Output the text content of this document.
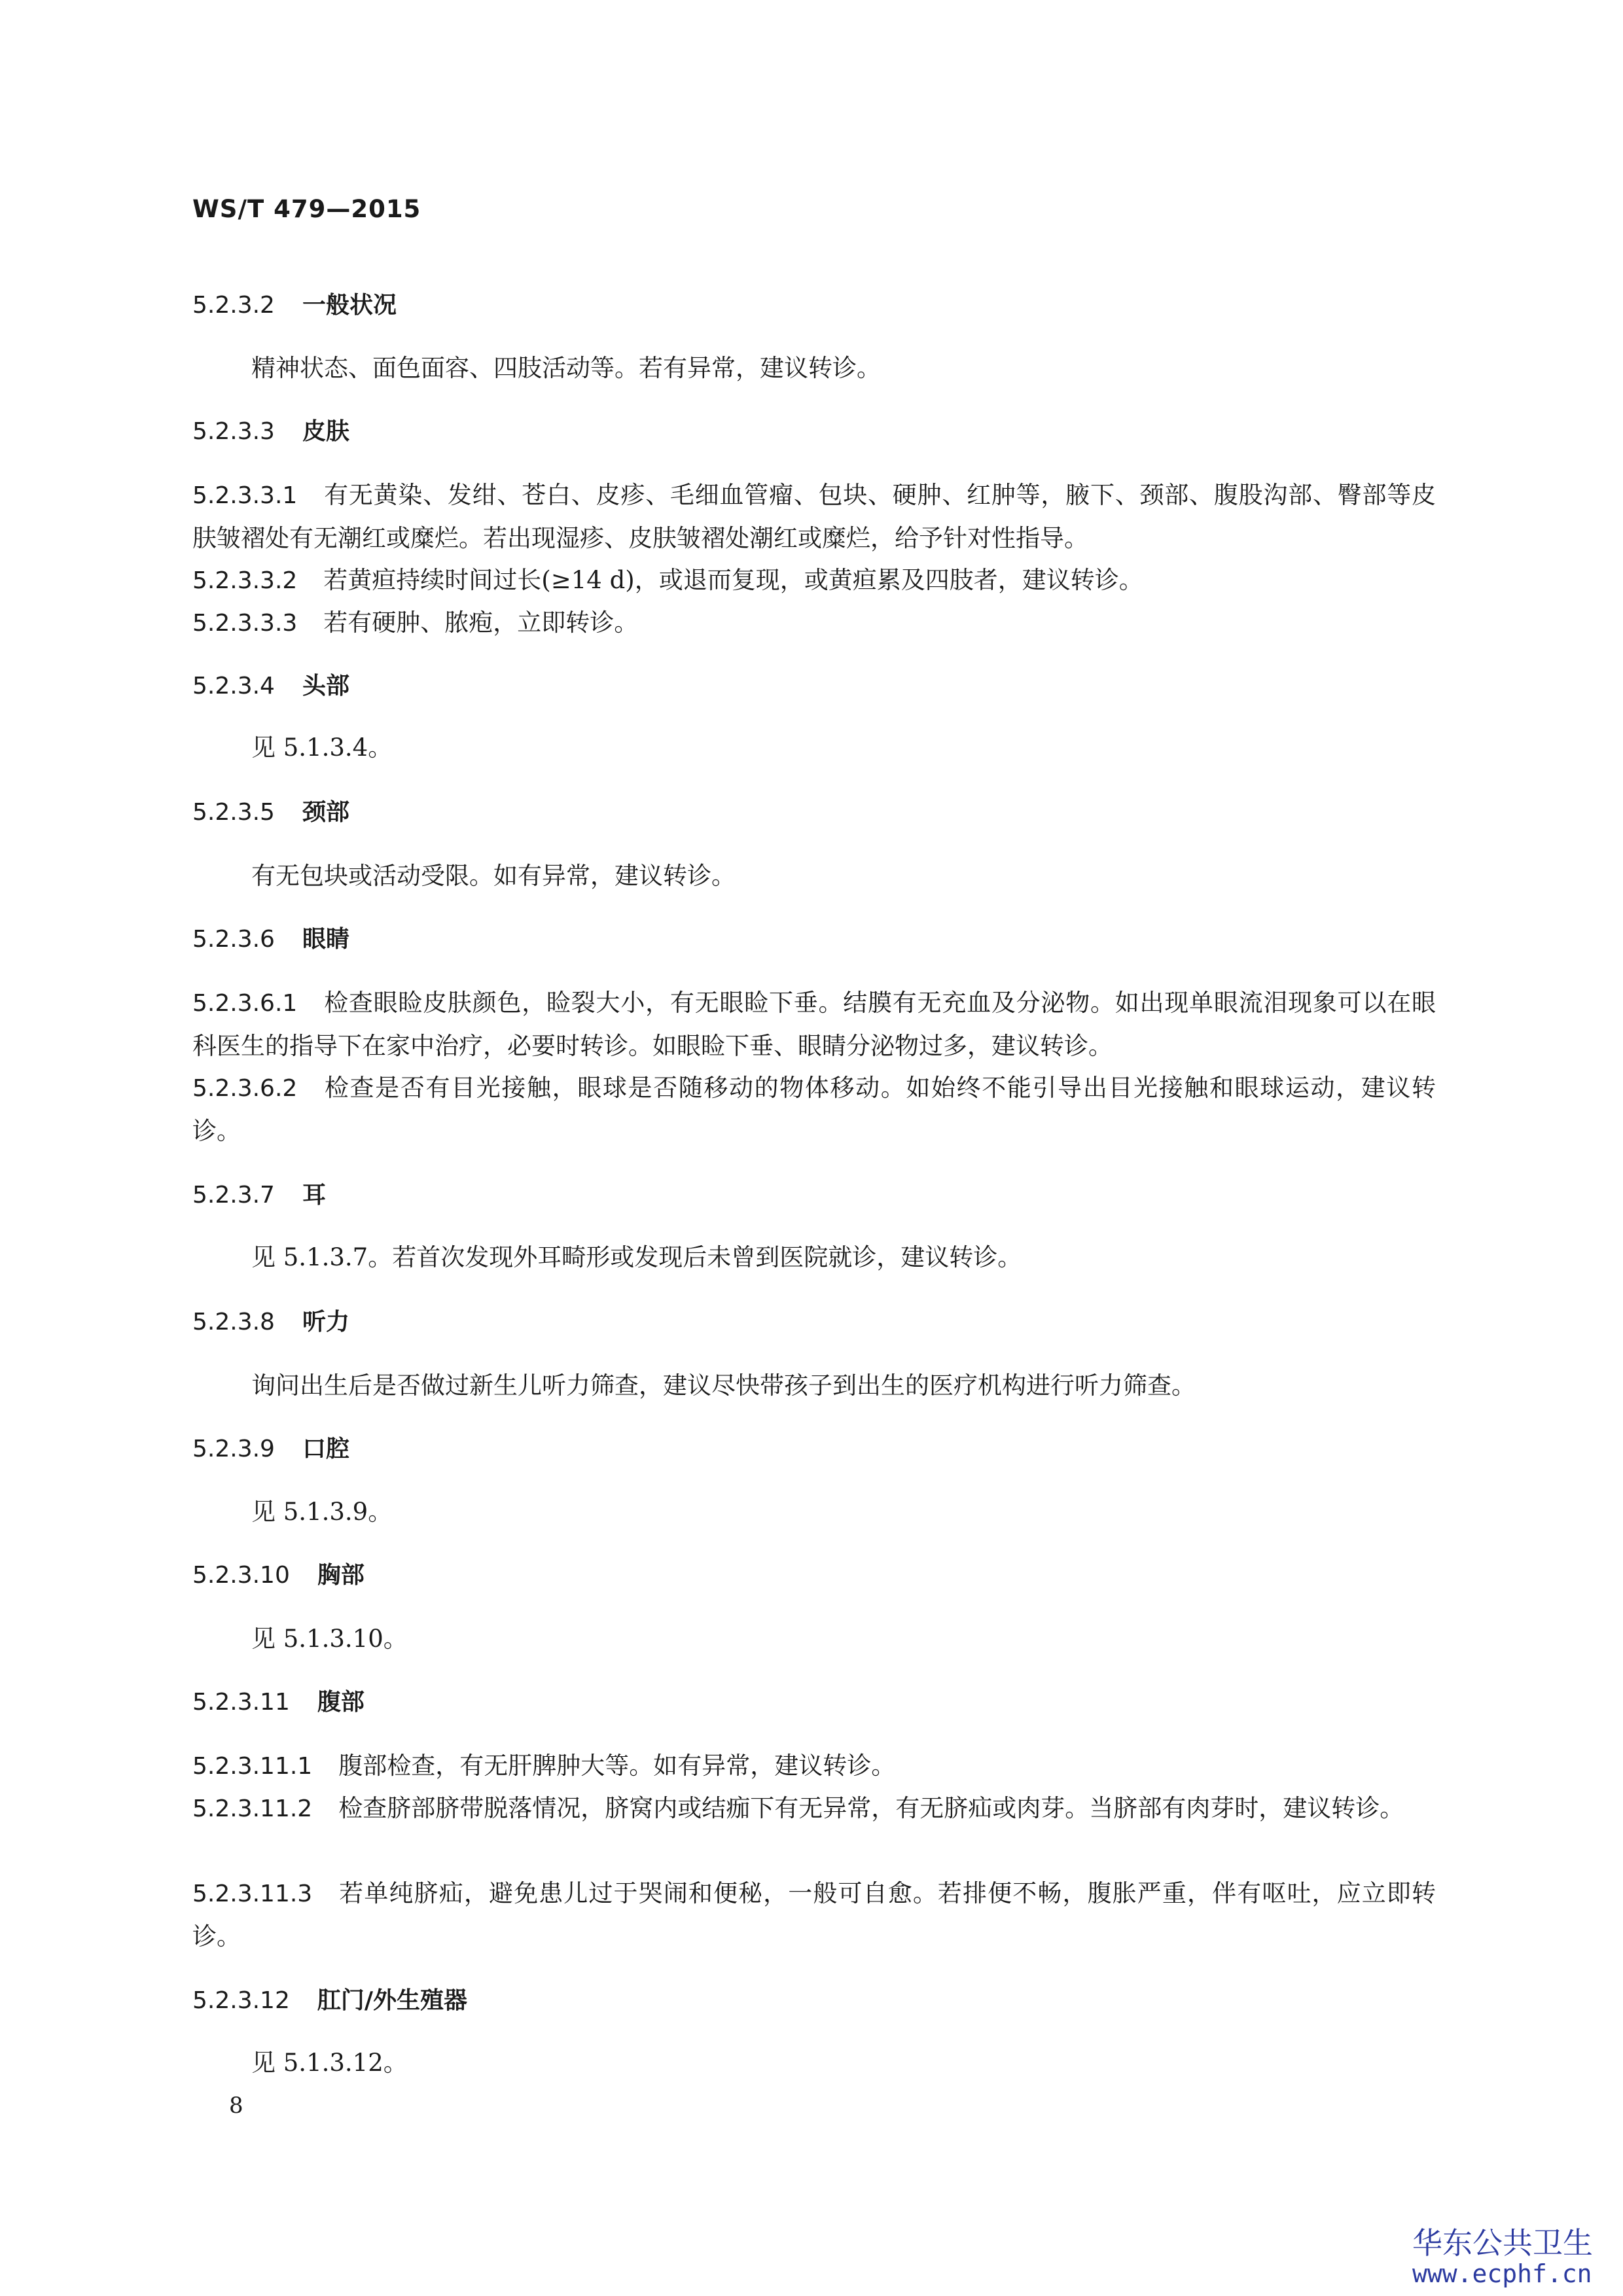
WS/T 479—2015
5.2.3.2 一般状况
精神状态、面色面容、四肢活动等。若有异常，建议转诊。
5.2.3.3 皮肤
5.2.3.3.1 有无黄染、发绀、苍白、皮疹、毛细血管瘤、包块、硬肿、红肿等，腋下、颈部、腹股沟部、臀部等皮肤皱褶处有无潮红或糜烂。若出现湿疹、皮肤皱褶处潮红或糜烂，给予针对性指导。
5.2.3.3.2 若黄疸持续时间过长(≥14 d)，或退而复现，或黄疸累及四肢者，建议转诊。
5.2.3.3.3 若有硬肿、脓疱，立即转诊。
5.2.3.4 头部
见 5.1.3.4。
5.2.3.5 颈部
有无包块或活动受限。如有异常，建议转诊。
5.2.3.6 眼睛
5.2.3.6.1 检查眼睑皮肤颜色，睑裂大小，有无眼睑下垂。结膜有无充血及分泌物。如出现单眼流泪现象可以在眼科医生的指导下在家中治疗，必要时转诊。如眼睑下垂、眼睛分泌物过多，建议转诊。
5.2.3.6.2 检查是否有目光接触，眼球是否随移动的物体移动。如始终不能引导出目光接触和眼球运动，建议转诊。
5.2.3.7 耳
见 5.1.3.7。若首次发现外耳畸形或发现后未曾到医院就诊，建议转诊。
5.2.3.8 听力
询问出生后是否做过新生儿听力筛查，建议尽快带孩子到出生的医疗机构进行听力筛查。
5.2.3.9 口腔
见 5.1.3.9。
5.2.3.10 胸部
见 5.1.3.10。
5.2.3.11 腹部
5.2.3.11.1 腹部检查，有无肝脾肿大等。如有异常，建议转诊。
5.2.3.11.2 检查脐部脐带脱落情况，脐窝内或结痂下有无异常，有无脐疝或肉芽。当脐部有肉芽时，建议转诊。
5.2.3.11.3 若单纯脐疝，避免患儿过于哭闹和便秘，一般可自愈。若排便不畅，腹胀严重，伴有呕吐，应立即转诊。
5.2.3.12 肛门/外生殖器
见 5.1.3.12。
8
华东公共卫生
www.ecphf.cn
